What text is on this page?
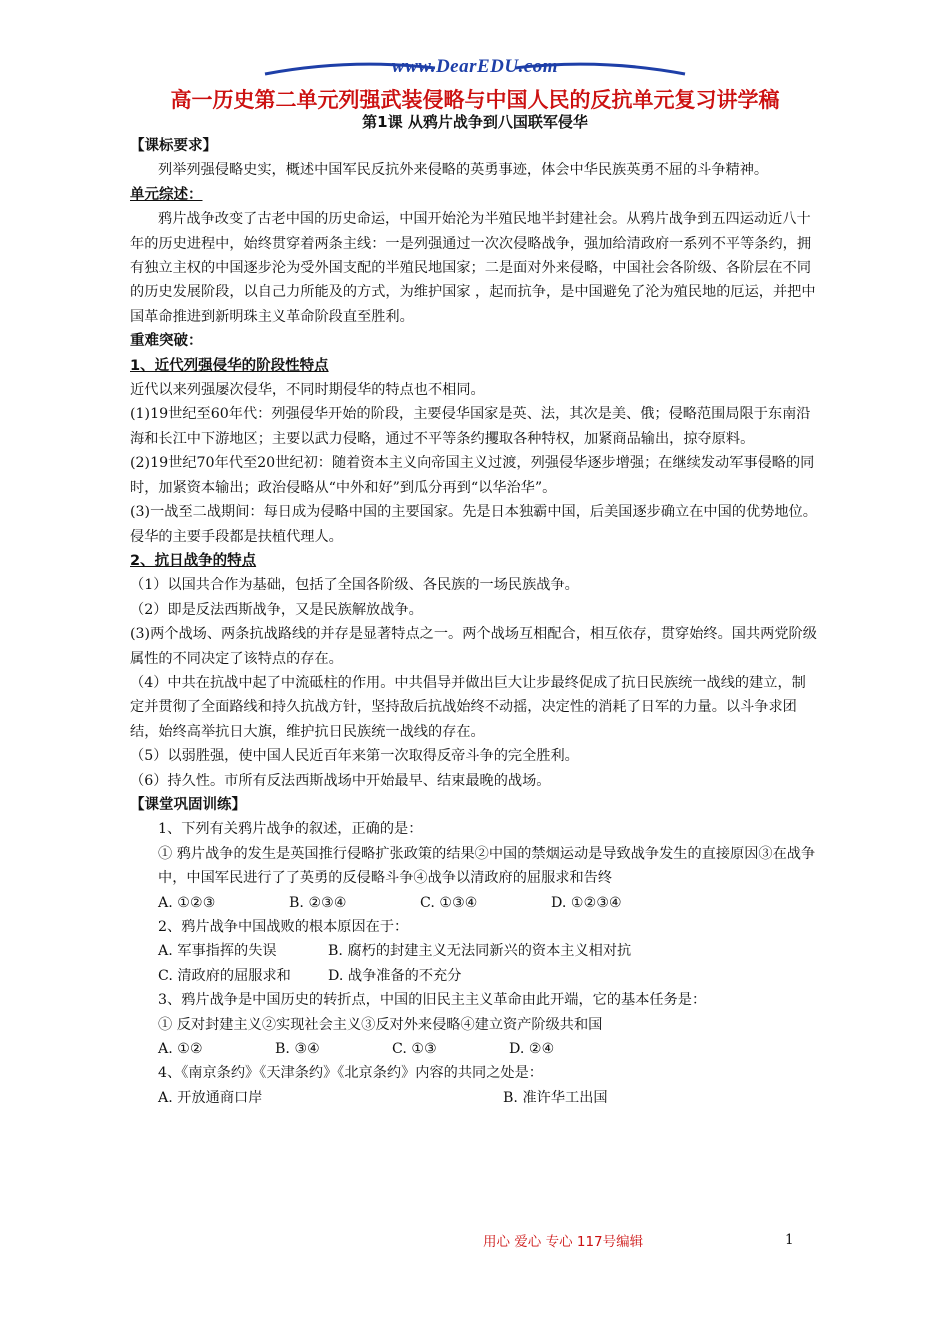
www.DearEDU.com
高一历史第二单元列强武装侵略与中国人民的反抗单元复习讲学稿
第1课 从鸦片战争到八国联军侵华

【课标要求】

列举列强侵略史实，概述中国军民反抗外来侵略的英勇事迹，体会中华民族英勇不屈的斗争精神。

单元综述：

鸦片战争改变了古老中国的历史命运，中国开始沦为半殖民地半封建社会。从鸦片战争到五四运动近八十年的历史进程中，始终贯穿着两条主线：一是列强通过一次次侵略战争，强加给清政府一系列不平等条约，拥有独立主权的中国逐步沦为受外国支配的半殖民地国家；二是面对外来侵略，中国社会各阶级、各阶层在不同的历史发展阶段，以自己力所能及的方式，为维护国家 ，起而抗争，是中国避免了沦为殖民地的厄运，并把中国革命推进到新明珠主义革命阶段直至胜利。

重难突破：

1、近代列强侵华的阶段性特点

近代以来列强屡次侵华，不同时期侵华的特点也不相同。

(1)19世纪至60年代：列强侵华开始的阶段，主要侵华国家是英、法，其次是美、俄；侵略范围局限于东南沿海和长江中下游地区；主要以武力侵略，通过不平等条约攫取各种特权，加紧商品输出，掠夺原料。

(2)19世纪70年代至20世纪初：随着资本主义向帝国主义过渡，列强侵华逐步增强；在继续发动军事侵略的同时，加紧资本输出；政治侵略从“中外和好”到瓜分再到“以华治华”。

(3)一战至二战期间：每日成为侵略中国的主要国家。先是日本独霸中国，后美国逐步确立在中国的优势地位。侵华的主要手段都是扶植代理人。

2、抗日战争的特点

（1）以国共合作为基础，包括了全国各阶级、各民族的一场民族战争。

（2）即是反法西斯战争，又是民族解放战争。

(3)两个战场、两条抗战路线的并存是显著特点之一。两个战场互相配合，相互依存，贯穿始终。国共两党阶级属性的不同决定了该特点的存在。

（4）中共在抗战中起了中流砥柱的作用。中共倡导并做出巨大让步最终促成了抗日民族统一战线的建立，制定并贯彻了全面路线和持久抗战方针，坚持敌后抗战始终不动摇，决定性的消耗了日军的力量。以斗争求团结，始终高举抗日大旗，维护抗日民族统一战线的存在。

（5）以弱胜强，使中国人民近百年来第一次取得反帝斗争的完全胜利。

（6）持久性。市所有反法西斯战场中开始最早、结束最晚的战场。

【课堂巩固训练】

1、下列有关鸦片战争的叙述，正确的是：

① 鸦片战争的发生是英国推行侵略扩张政策的结果②中国的禁烟运动是导致战争发生的直接原因③在战争中，中国军民进行了了英勇的反侵略斗争④战争以清政府的屈服求和告终

A. ①②③	B. ②③④	C. ①③④	D. ①②③④

2、鸦片战争中国战败的根本原因在于：

A. 军事指挥的失误	B. 腐朽的封建主义无法同新兴的资本主义相对抗

C. 清政府的屈服求和	D. 战争准备的不充分

3、鸦片战争是中国历史的转折点，中国的旧民主主义革命由此开端，它的基本任务是：

① 反对封建主义②实现社会主义③反对外来侵略④建立资产阶级共和国

A. ①②	B. ③④	C. ①③	D. ②④

4、《南京条约》《天津条约》《北京条约》内容的共同之处是：

A. 开放通商口岸	B. 准许华工出国

用心 爱心 专心 117号编辑	1
